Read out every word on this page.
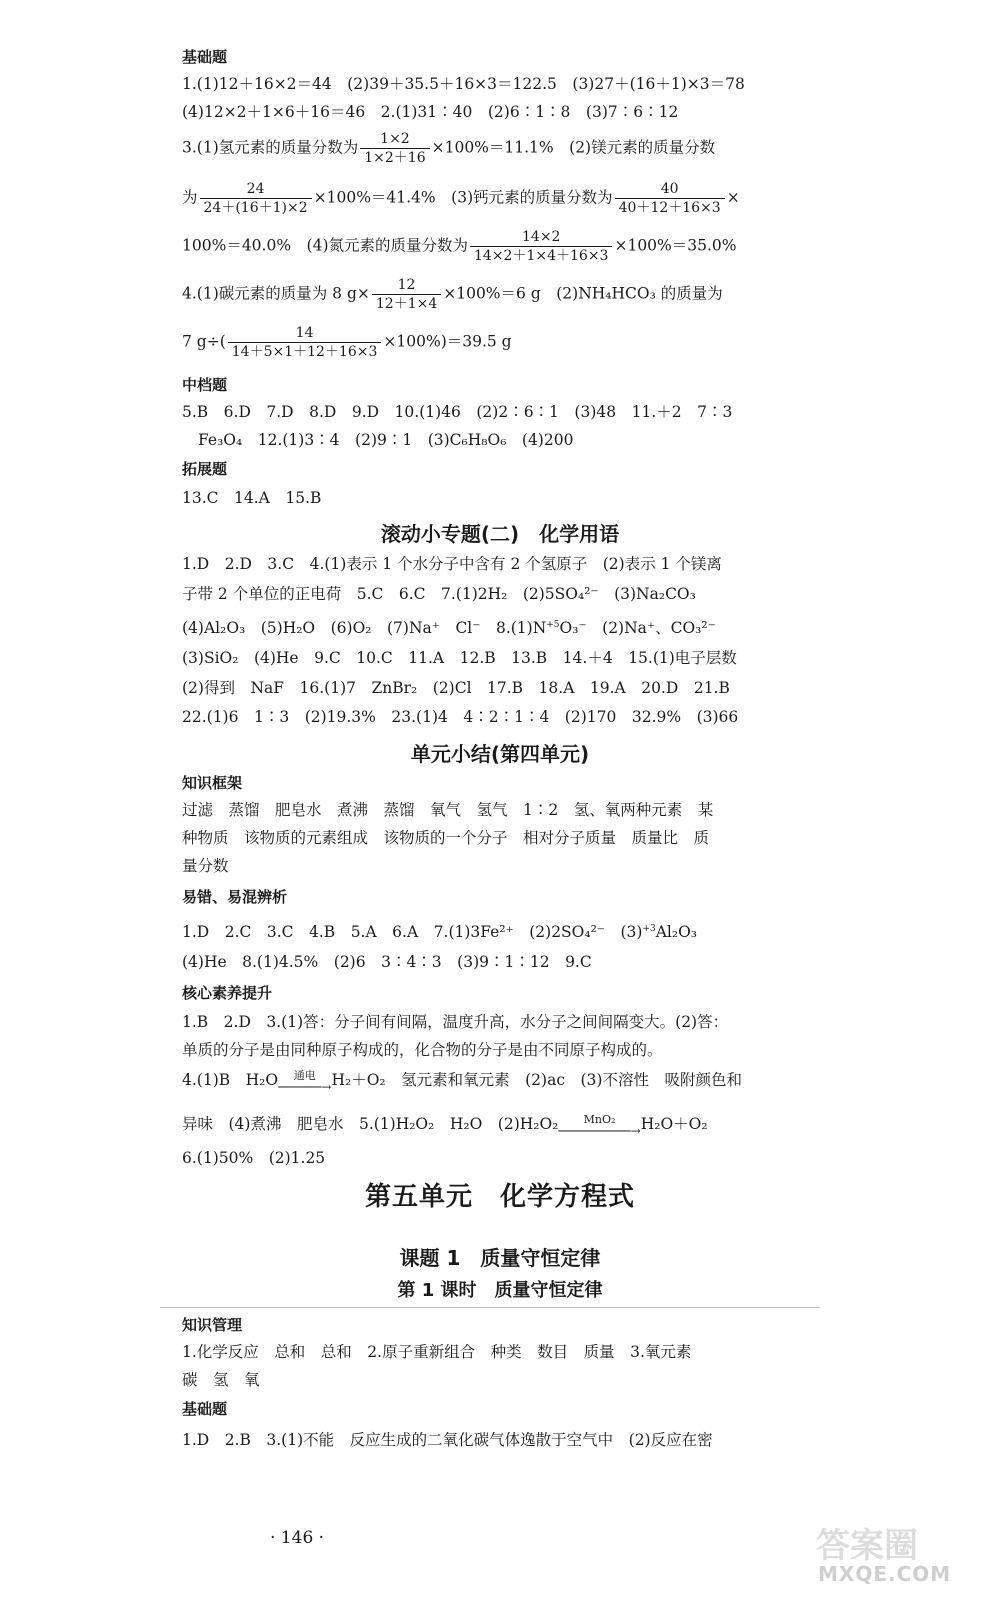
基础题
1.(1)12＋16×2＝44　(2)39＋35.5＋16×3＝122.5　(3)27＋(16＋1)×3＝78
(4)12×2＋1×6＋16＝46　2.(1)31∶40　(2)6∶1∶8　(3)7∶6∶12
3.(1)氢元素的质量分数为 $\frac{1\times 2}{1\times 2+16} \times 100\%=11.1\%$　(2)镁元素的质量分数
为 $\frac{24}{24+(16+1)\times 2} \times 100\%=41.4\%$　(3)钙元素的质量分数为 $\frac{40}{40+12+16\times 3}$ ×
100%＝40.0%　(4)氮元素的质量分数为 $\frac{14\times 2}{14\times 2+1\times 4+16\times 3} \times 100\%=35.0\%$
4.(1)碳元素的质量为 8 $g\times \frac{12}{12+1\times 4} \times 100\%=6$ g　(2)NH₄HCO₃ 的质量为
7 $g\div( \frac{14}{14+5\times 1+12+16\times 3} \times 100\%)=39.5$ g
中档题
5.B　6.D　7.D　8.D　9.D　10.(1)46　(2)2∶6∶1　(3)48　11.＋2　7∶3
Fe₃O₄　12.(1)3∶4　(2)9∶1　(3)C₆H₈O₆　(4)200
拓展题
13.C　14.A　15.B
滚动小专题(二)　化学用语
1.D　2.D　3.C　4.(1)表示 1 个水分子中含有 2 个氢原子　(2)表示 1 个镁离
子带 2 个单位的正电荷　5.C　6.C　7.(1)2H₂　(2)5SO₄²⁻　(3)Na₂CO₃
(4)Al₂O₃　(5)H₂O　(6)O₂　(7)Na⁺　Cl⁻　$8.(1)N^{+5}O_3^-$　(2)Na⁺、CO₃²⁻
(3)SiO₂　(4)He　9.C　10.C　11.A　12.B　13.B　14.＋4　15.(1)电子层数
(2)得到　NaF　16.(1)7　ZnBr₂　(2)Cl　17.B　18.A　19.A　20.D　21.B
22.(1)6　1∶3　(2)19.3%　23.(1)4　4∶2∶1∶4　(2)170　32.9%　(3)66
单元小结(第四单元)
知识框架
过滤　蒸馏　肥皂水　煮沸　蒸馏　氧气　氢气　1∶2　氢、氧两种元素　某
种物质　该物质的元素组成　该物质的一个分子　相对分子质量　质量比　质
量分数
易错、易混辨析
1.D　2.C　3.C　4.B　5.A　6.A　7.(1)3Fe²⁺　(2)2SO₄²⁻　$(3)^{+3}Al_2O_3$
(4)He　8.(1)4.5%　(2)6　3∶4∶3　(3)9∶1∶12　9.C
核心素养提升
1.B　2.D　3.(1)答：分子间有间隔，温度升高，水分子之间间隔变大。(2)答：
单质的分子是由同种原子构成的，化合物的分子是由不同原子构成的。
4.(1)B　H₂O	通电
──────→ H₂＋O₂　氢元素和氧元素　(2)ac　(3)不溶性　吸附颜色和
异味　(4)煮沸　肥皂水　5.(1)H₂O₂　H₂O　(2)H₂O₂	MnO₂
──────────→ H₂O＋O₂
6.(1)50%　(2)1.25
第五单元　化学方程式
课题 1　质量守恒定律
第 1 课时　质量守恒定律
知识管理
1.化学反应　总和　总和　2.原子重新组合　种类　数目　质量　3.氧元素
碳　氢　氧
基础题
1.D　2.B　3.(1)不能　反应生成的二氧化碳气体逸散于空气中　(2)反应在密
· 146 ·	答案圈
MXQE.COM
